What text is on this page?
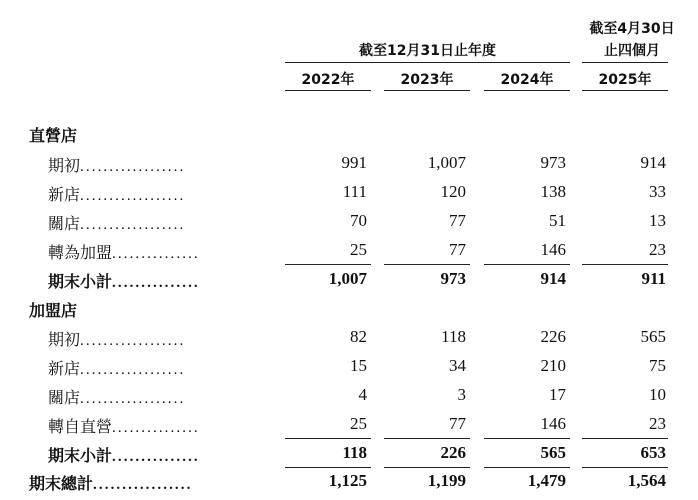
截至12月31日止年度
截至4月30日
止四個月
2022年	2023年	2024年	2025年
直營店
期初..................	991	1,007	973	914
新店..................	111	120	138	33
關店..................	70	77	51	13
轉為加盟...............	25	77	146	23
期末小計...............	1,007	973	914	911
加盟店
期初..................	82	118	226	565
新店..................	15	34	210	75
關店..................	4	3	17	10
轉自直營...............	25	77	146	23
期末小計...............	118	226	565	653
期末總計.................	1,125	1,199	1,479	1,564
